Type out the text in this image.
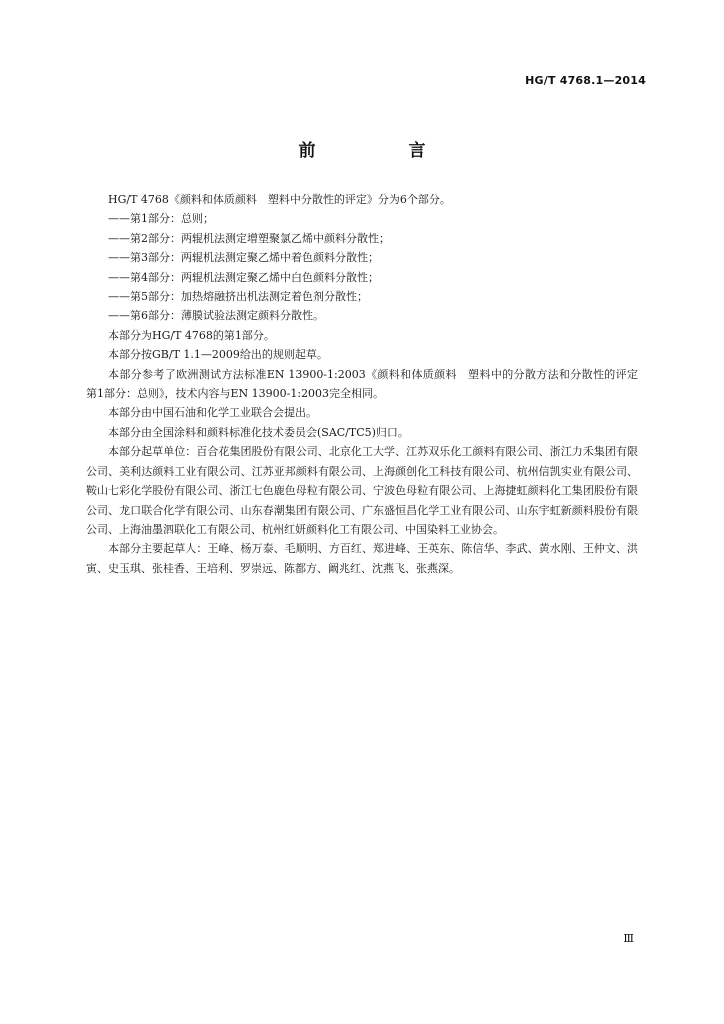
HG/T 4768.1—2014
前　言

HG/T 4768《颜料和体质颜料　塑料中分散性的评定》分为6个部分。

——第1部分：总则；

——第2部分：两辊机法测定增塑聚氯乙烯中颜料分散性；

——第3部分：两辊机法测定聚乙烯中着色颜料分散性；

——第4部分：两辊机法测定聚乙烯中白色颜料分散性；

——第5部分：加热熔融挤出机法测定着色剂分散性；

——第6部分：薄膜试验法测定颜料分散性。

本部分为HG/T 4768的第1部分。

本部分按GB/T 1.1—2009给出的规则起草。

本部分参考了欧洲测试方法标准EN 13900-1:2003《颜料和体质颜料　塑料中的分散方法和分散性的评定　第1部分：总则》，技术内容与EN 13900-1:2003完全相同。

本部分由中国石油和化学工业联合会提出。

本部分由全国涂料和颜料标准化技术委员会(SAC/TC5)归口。

本部分起草单位：百合花集团股份有限公司、北京化工大学、江苏双乐化工颜料有限公司、浙江力禾集团有限公司、美利达颜料工业有限公司、江苏亚邦颜料有限公司、上海颜创化工科技有限公司、杭州信凯实业有限公司、鞍山七彩化学股份有限公司、浙江七色鹿色母粒有限公司、宁波色母粒有限公司、上海捷虹颜料化工集团股份有限公司、龙口联合化学有限公司、山东春潮集团有限公司、广东盛恒昌化学工业有限公司、山东宇虹新颜料股份有限公司、上海油墨泗联化工有限公司、杭州红妍颜料化工有限公司、中国染料工业协会。

本部分主要起草人：王峰、杨万泰、毛顺明、方百红、郑进峰、王英东、陈信华、李武、黄水刚、王仲文、洪寅、史玉琪、张桂香、王培利、罗崇远、陈都方、阚兆红、沈燕飞、张燕深。

Ⅲ
